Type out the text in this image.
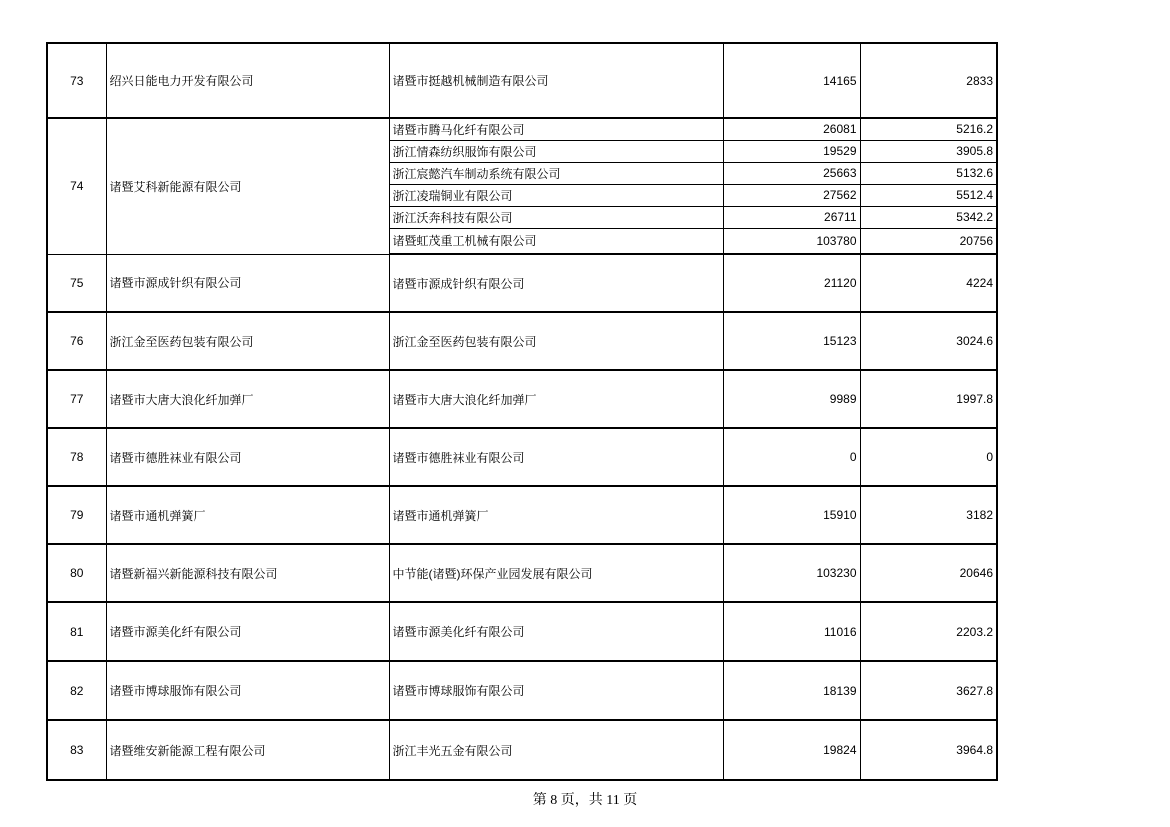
73	绍兴日能电力开发有限公司	诸暨市挺越机械制造有限公司	14165	2833
74	诸暨艾科新能源有限公司	诸暨市腾马化纤有限公司	26081	5216.2
		浙江情森纺织服饰有限公司	19529	3905.8
		浙江宸懿汽车制动系统有限公司	25663	5132.6
		浙江凌瑞铜业有限公司	27562	5512.4
		浙江沃奔科技有限公司	26711	5342.2
		诸暨虹茂重工机械有限公司	103780	20756
75	诸暨市源成针织有限公司	诸暨市源成针织有限公司	21120	4224
76	浙江金至医药包装有限公司	浙江金至医药包装有限公司	15123	3024.6
77	诸暨市大唐大浪化纤加弹厂	诸暨市大唐大浪化纤加弹厂	9989	1997.8
78	诸暨市德胜袜业有限公司	诸暨市德胜袜业有限公司	0	0
79	诸暨市通机弹簧厂	诸暨市通机弹簧厂	15910	3182
80	诸暨新福兴新能源科技有限公司	中节能(诸暨)环保产业园发展有限公司	103230	20646
81	诸暨市源美化纤有限公司	诸暨市源美化纤有限公司	11016	2203.2
82	诸暨市博球服饰有限公司	诸暨市博球服饰有限公司	18139	3627.8
83	诸暨维安新能源工程有限公司	浙江丰光五金有限公司	19824	3964.8
第 8 页，共 11 页
